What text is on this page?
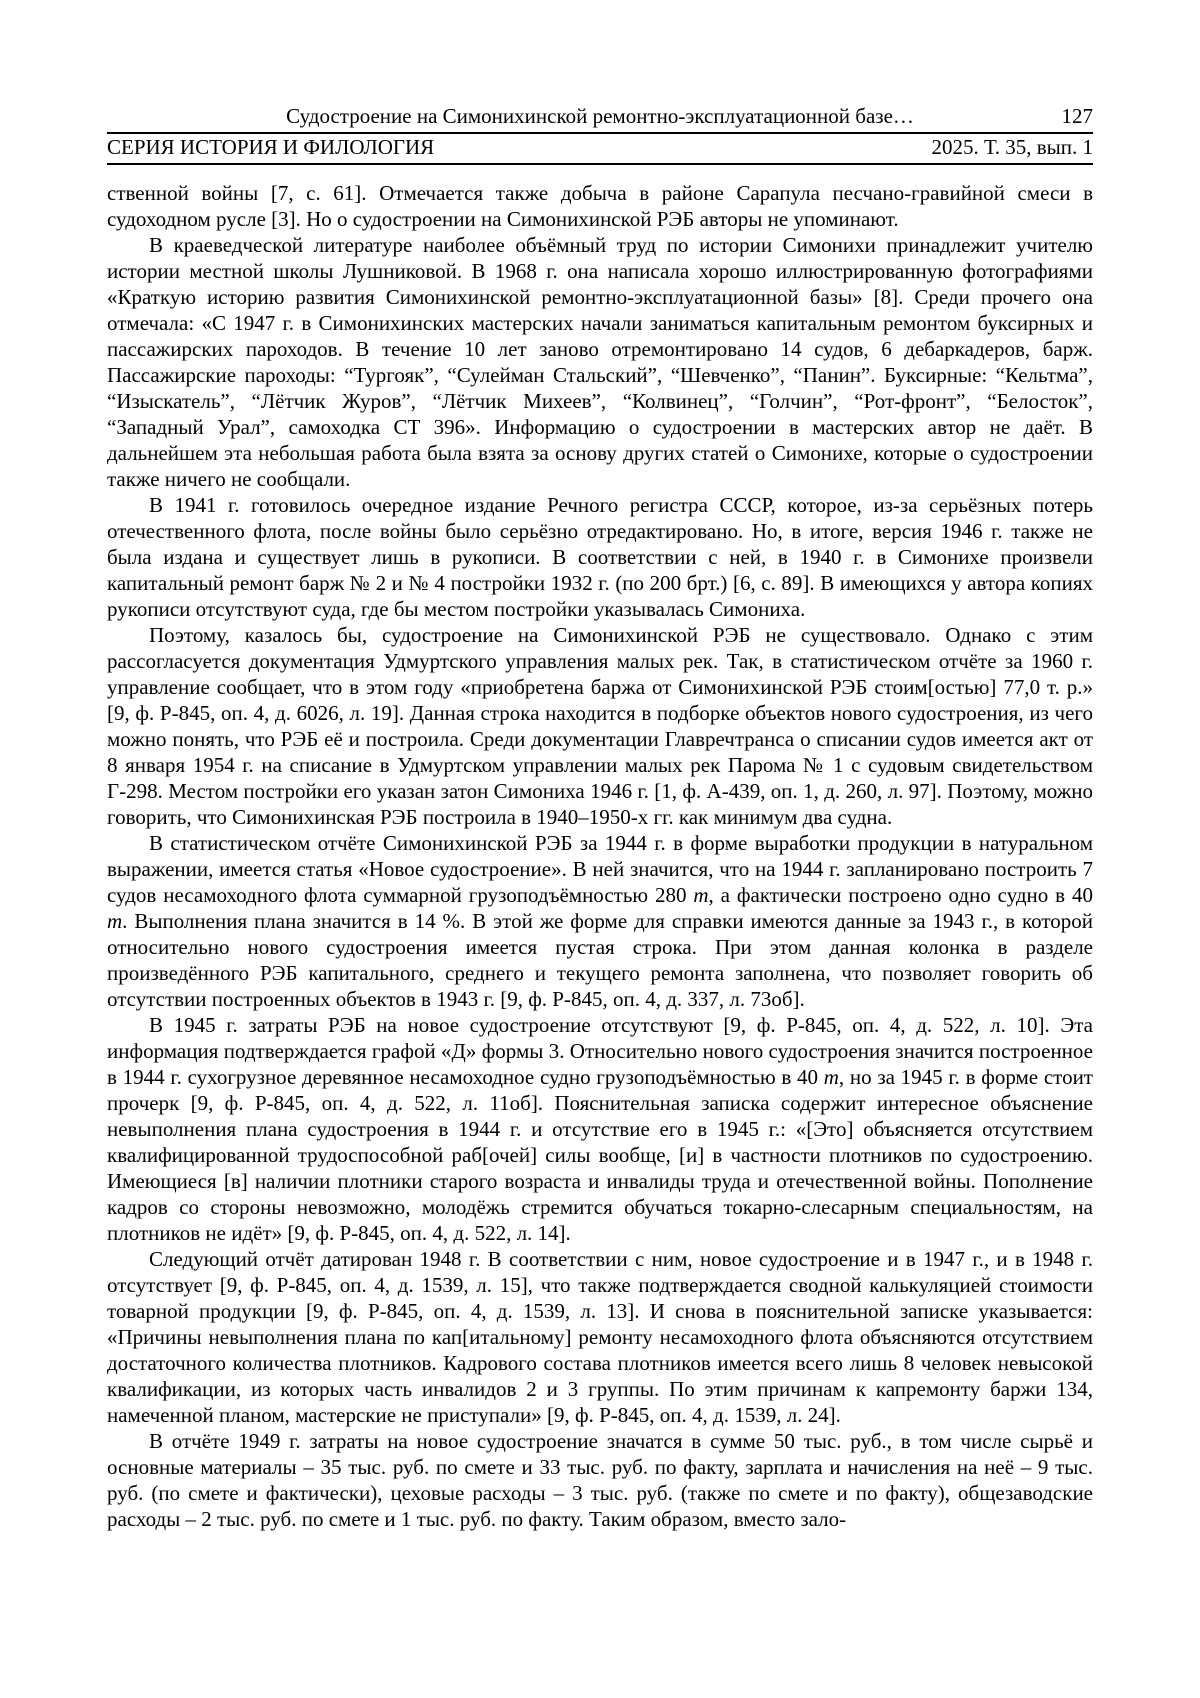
Судостроение на Симонихинской ремонтно-эксплуатационной базе…	127
СЕРИЯ ИСТОРИЯ И ФИЛОЛОГИЯ	2025. Т. 35, вып. 1

ственной войны [7, с. 61]. Отмечается также добыча в районе Сарапула песчано-гравийной смеси в судоходном русле [3]. Но о судостроении на Симонихинской РЭБ авторы не упоминают.

В краеведческой литературе наиболее объёмный труд по истории Симонихи принадлежит учителю истории местной школы Лушниковой. В 1968 г. она написала хорошо иллюстрированную фотографиями «Краткую историю развития Симонихинской ремонтно-эксплуатационной базы» [8]. Среди прочего она отмечала: «С 1947 г. в Симонихинских мастерских начали заниматься капитальным ремонтом буксирных и пассажирских пароходов. В течение 10 лет заново отремонтировано 14 судов, 6 дебаркадеров, барж. Пассажирские пароходы: “Тургояк”, “Сулейман Стальский”, “Шевченко”, “Панин”. Буксирные: “Кельтма”, “Изыскатель”, “Лётчик Журов”, “Лётчик Михеев”, “Колвинец”, “Голчин”, “Рот-фронт”, “Белосток”, “Западный Урал”, самоходка СТ 396». Информацию о судостроении в мастерских автор не даёт. В дальнейшем эта небольшая работа была взята за основу других статей о Симонихе, которые о судостроении также ничего не сообщали.

В 1941 г. готовилось очередное издание Речного регистра СССР, которое, из-за серьёзных потерь отечественного флота, после войны было серьёзно отредактировано. Но, в итоге, версия 1946 г. также не была издана и существует лишь в рукописи. В соответствии с ней, в 1940 г. в Симонихе произвели капитальный ремонт барж № 2 и № 4 постройки 1932 г. (по 200 брт.) [6, с. 89]. В имеющихся у автора копиях рукописи отсутствуют суда, где бы местом постройки указывалась Симониха.

Поэтому, казалось бы, судостроение на Симонихинской РЭБ не существовало. Однако с этим рассогласуется документация Удмуртского управления малых рек. Так, в статистическом отчёте за 1960 г. управление сообщает, что в этом году «приобретена баржа от Симонихинской РЭБ стоим[остью] 77,0 т. р.» [9, ф. Р-845, оп. 4, д. 6026, л. 19]. Данная строка находится в подборке объектов нового судостроения, из чего можно понять, что РЭБ её и построила. Среди документации Главречтранса о списании судов имеется акт от 8 января 1954 г. на списание в Удмуртском управлении малых рек Парома № 1 с судовым свидетельством Г-298. Местом постройки его указан затон Симониха 1946 г. [1, ф. А-439, оп. 1, д. 260, л. 97]. Поэтому, можно говорить, что Симонихинская РЭБ построила в 1940–1950-х гг. как минимум два судна.

В статистическом отчёте Симонихинской РЭБ за 1944 г. в форме выработки продукции в натуральном выражении, имеется статья «Новое судостроение». В ней значится, что на 1944 г. запланировано построить 7 судов несамоходного флота суммарной грузоподъёмностью 280 т, а фактически построено одно судно в 40 т. Выполнения плана значится в 14 %. В этой же форме для справки имеются данные за 1943 г., в которой относительно нового судостроения имеется пустая строка. При этом данная колонка в разделе произведённого РЭБ капитального, среднего и текущего ремонта заполнена, что позволяет говорить об отсутствии построенных объектов в 1943 г. [9, ф. Р-845, оп. 4, д. 337, л. 73об].

В 1945 г. затраты РЭБ на новое судостроение отсутствуют [9, ф. Р-845, оп. 4, д. 522, л. 10]. Эта информация подтверждается графой «Д» формы 3. Относительно нового судостроения значится построенное в 1944 г. сухогрузное деревянное несамоходное судно грузоподъёмностью в 40 т, но за 1945 г. в форме стоит прочерк [9, ф. Р-845, оп. 4, д. 522, л. 11об]. Пояснительная записка содержит интересное объяснение невыполнения плана судостроения в 1944 г. и отсутствие его в 1945 г.: «[Это] объясняется отсутствием квалифицированной трудоспособной раб[очей] силы вообще, [и] в частности плотников по судостроению. Имеющиеся [в] наличии плотники старого возраста и инвалиды труда и отечественной войны. Пополнение кадров со стороны невозможно, молодёжь стремится обучаться токарно-слесарным специальностям, на плотников не идёт» [9, ф. Р-845, оп. 4, д. 522, л. 14].

Следующий отчёт датирован 1948 г. В соответствии с ним, новое судостроение и в 1947 г., и в 1948 г. отсутствует [9, ф. Р-845, оп. 4, д. 1539, л. 15], что также подтверждается сводной калькуляцией стоимости товарной продукции [9, ф. Р-845, оп. 4, д. 1539, л. 13]. И снова в пояснительной записке указывается: «Причины невыполнения плана по кап[итальному] ремонту несамоходного флота объясняются отсутствием достаточного количества плотников. Кадрового состава плотников имеется всего лишь 8 человек невысокой квалификации, из которых часть инвалидов 2 и 3 группы. По этим причинам к капремонту баржи 134, намеченной планом, мастерские не приступали» [9, ф. Р-845, оп. 4, д. 1539, л. 24].

В отчёте 1949 г. затраты на новое судостроение значатся в сумме 50 тыс. руб., в том числе сырьё и основные материалы – 35 тыс. руб. по смете и 33 тыс. руб. по факту, зарплата и начисления на неё – 9 тыс. руб. (по смете и фактически), цеховые расходы – 3 тыс. руб. (также по смете и по факту), общезаводские расходы – 2 тыс. руб. по смете и 1 тыс. руб. по факту. Таким образом, вместо зало-
